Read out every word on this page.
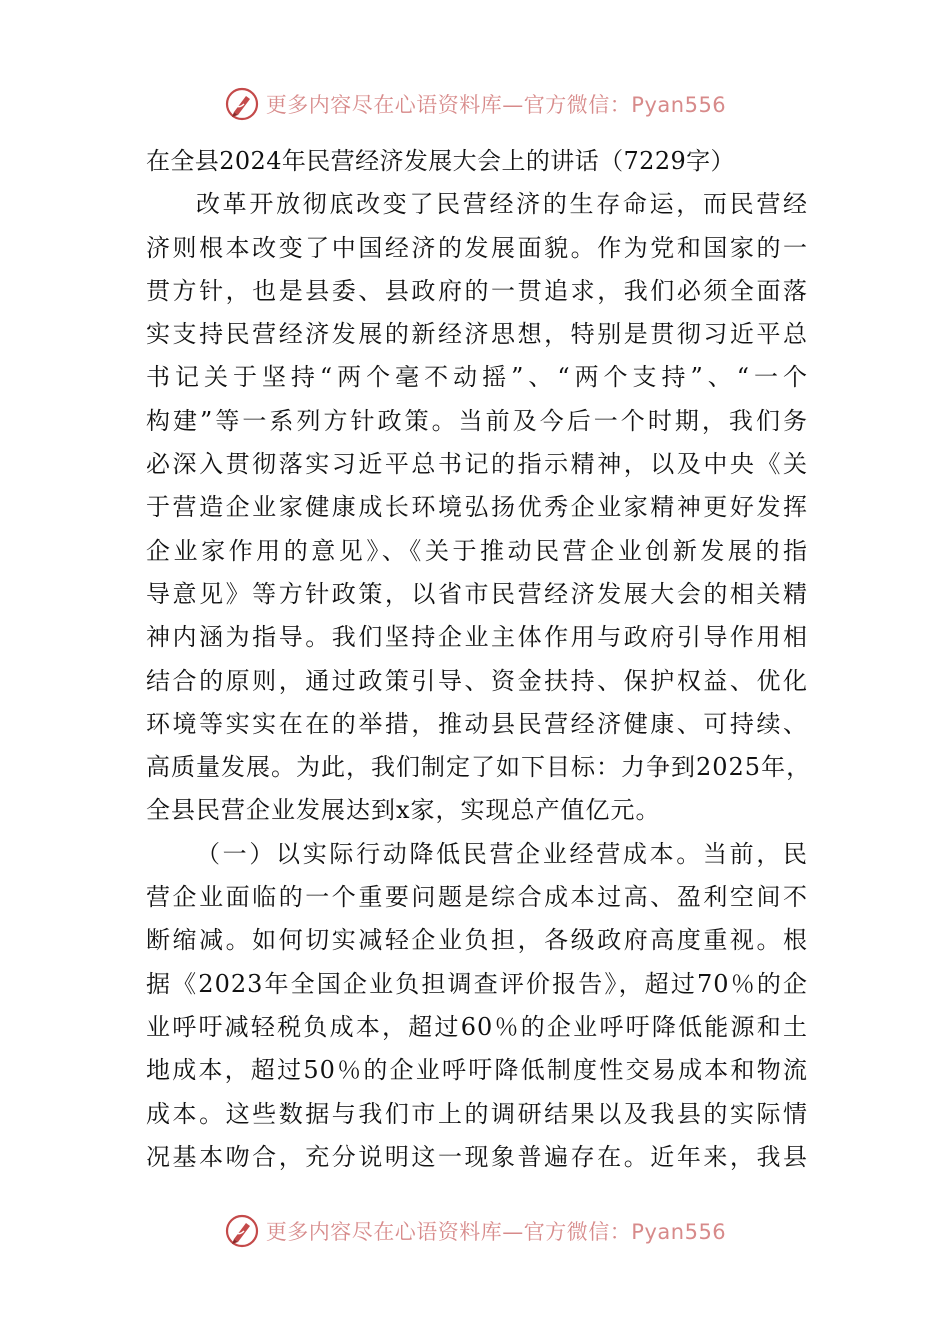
更多内容尽在心语资料库—官方微信：Pyan556
在全县2024年民营经济发展大会上的讲话（7229字）
改革开放彻底改变了民营经济的生存命运，而民营经
济则根本改变了中国经济的发展面貌。作为党和国家的一
贯方针，也是县委、县政府的一贯追求，我们必须全面落
实支持民营经济发展的新经济思想，特别是贯彻习近平总
书记关于坚持“两个毫不动摇”、“两个支持”、“一个
构建”等一系列方针政策。当前及今后一个时期，我们务
必深入贯彻落实习近平总书记的指示精神，以及中央《关
于营造企业家健康成长环境弘扬优秀企业家精神更好发挥
企业家作用的意见》、《关于推动民营企业创新发展的指
导意见》等方针政策，以省市民营经济发展大会的相关精
神内涵为指导。我们坚持企业主体作用与政府引导作用相
结合的原则，通过政策引导、资金扶持、保护权益、优化
环境等实实在在的举措，推动县民营经济健康、可持续、
高质量发展。为此，我们制定了如下目标：力争到2025年，
全县民营企业发展达到x家，实现总产值亿元。
（一）以实际行动降低民营企业经营成本。当前，民
营企业面临的一个重要问题是综合成本过高、盈利空间不
断缩减。如何切实减轻企业负担，各级政府高度重视。根
据《2023年全国企业负担调查评价报告》，超过70％的企
业呼吁减轻税负成本，超过60％的企业呼吁降低能源和土
地成本，超过50％的企业呼吁降低制度性交易成本和物流
成本。这些数据与我们市上的调研结果以及我县的实际情
况基本吻合，充分说明这一现象普遍存在。近年来，我县
更多内容尽在心语资料库—官方微信：Pyan556
